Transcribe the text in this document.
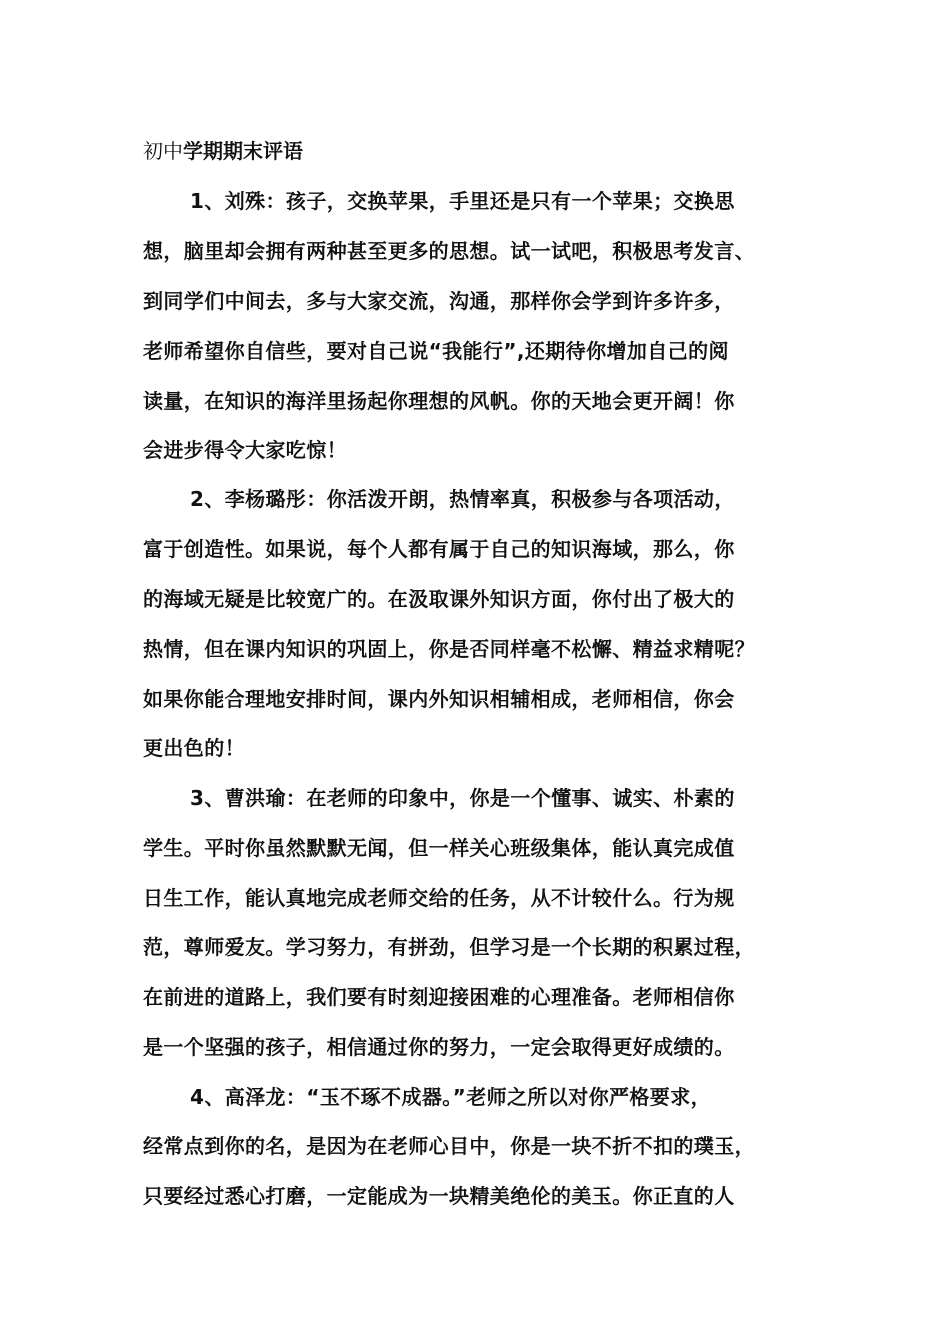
初中学期期末评语
1、刘殊：孩子，交换苹果，手里还是只有一个苹果；交换思
想，脑里却会拥有两种甚至更多的思想。试一试吧，积极思考发言、
到同学们中间去，多与大家交流，沟通，那样你会学到许多许多，
老师希望你自信些，要对自己说“我能行”,还期待你增加自己的阅
读量，在知识的海洋里扬起你理想的风帆。你的天地会更开阔！你
会进步得令大家吃惊！
2、李杨璐彤：你活泼开朗，热情率真，积极参与各项活动，
富于创造性。如果说，每个人都有属于自己的知识海域，那么，你
的海域无疑是比较宽广的。在汲取课外知识方面，你付出了极大的
热情，但在课内知识的巩固上，你是否同样毫不松懈、精益求精呢？
如果你能合理地安排时间，课内外知识相辅相成，老师相信，你会
更出色的！
3、曹洪瑜：在老师的印象中，你是一个懂事、诚实、朴素的
学生。平时你虽然默默无闻，但一样关心班级集体，能认真完成值
日生工作，能认真地完成老师交给的任务，从不计较什么。行为规
范，尊师爱友。学习努力，有拼劲，但学习是一个长期的积累过程，
在前进的道路上，我们要有时刻迎接困难的心理准备。老师相信你
是一个坚强的孩子，相信通过你的努力，一定会取得更好成绩的。
4、高泽龙：“玉不琢不成器。”老师之所以对你严格要求，
经常点到你的名，是因为在老师心目中，你是一块不折不扣的璞玉，
只要经过悉心打磨，一定能成为一块精美绝伦的美玉。你正直的人
